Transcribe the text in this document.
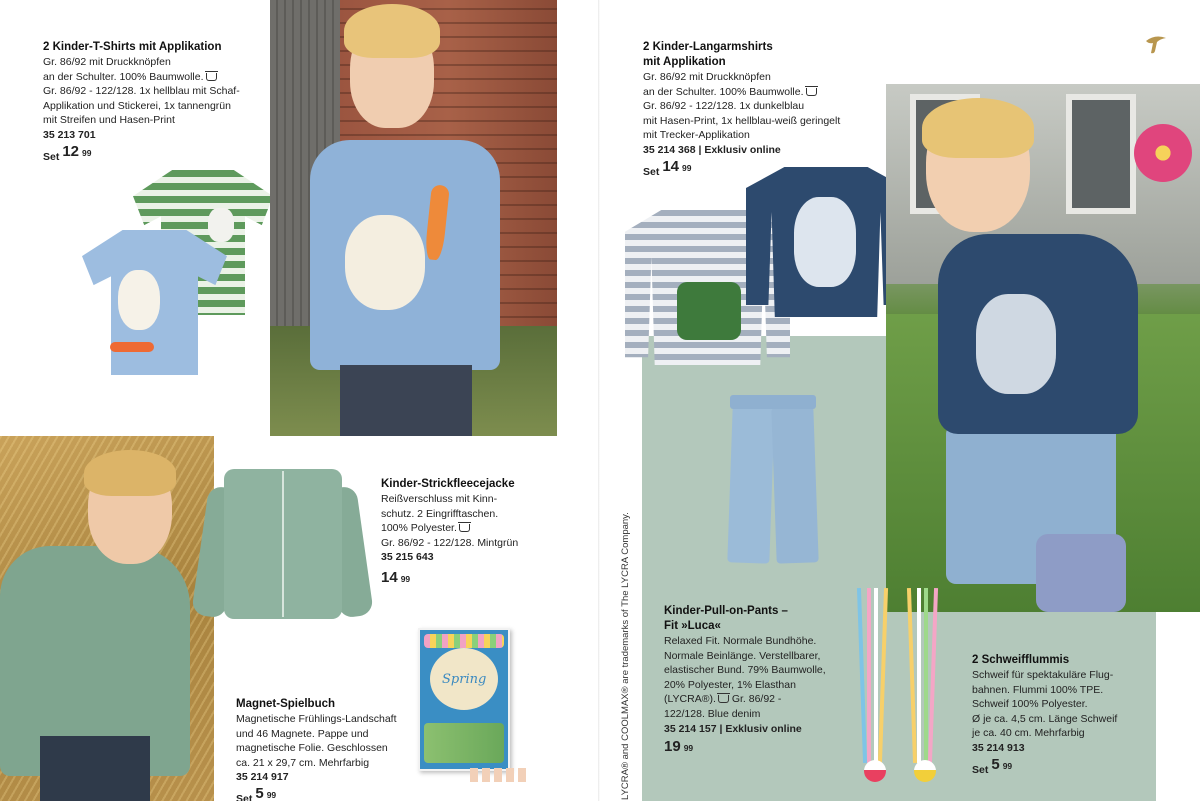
2 Kinder-T-Shirts mit Applikation
Gr. 86/92 mit Druckknöpfen
an der Schulter. 100% Baumwolle.
Gr. 86/92 - 122/128. 1x hellblau mit Schaf-
Applikation und Stickerei, 1x tannengrün
mit Streifen und Hasen-Print
35 213 701
Set 12 99
Kinder-Strickfleecejacke
Reißverschluss mit Kinn-
schutz. 2 Eingrifftaschen.
100% Polyester.
Gr. 86/92 - 122/128. Mintgrün
35 215 643
14 99
Magnet-Spielbuch
Magnetische Frühlings-Landschaft
und 46 Magnete. Pappe und
magnetische Folie. Geschlossen
ca. 21 x 29,7 cm. Mehrfarbig
35 214 917
Set 5 99
Spring
2 Kinder-Langarmshirts
mit Applikation
Gr. 86/92 mit Druckknöpfen
an der Schulter. 100% Baumwolle.
Gr. 86/92 - 122/128. 1x dunkelblau
mit Hasen-Print, 1x hellblau-weiß geringelt
mit Trecker-Applikation
35 214 368 | Exklusiv online
Set 14 99
Kinder-Pull-on-Pants –
Fit »Luca«
Relaxed Fit. Normale Bundhöhe.
Normale Beinlänge. Verstellbarer,
elastischer Bund. 79% Baumwolle,
20% Polyester, 1% Elasthan
(LYCRA®). Gr. 86/92 -
122/128. Blue denim
35 214 157 | Exklusiv online
19 99
2 Schweifflummis
Schweif für spektakuläre Flug-
bahnen. Flummi 100% TPE.
Schweif 100% Polyester.
Ø je ca. 4,5 cm. Länge Schweif
je ca. 40 cm. Mehrfarbig
35 214 913
Set 5 99
LYCRA® and COOLMAX® are trademarks of The LYCRA Company.
